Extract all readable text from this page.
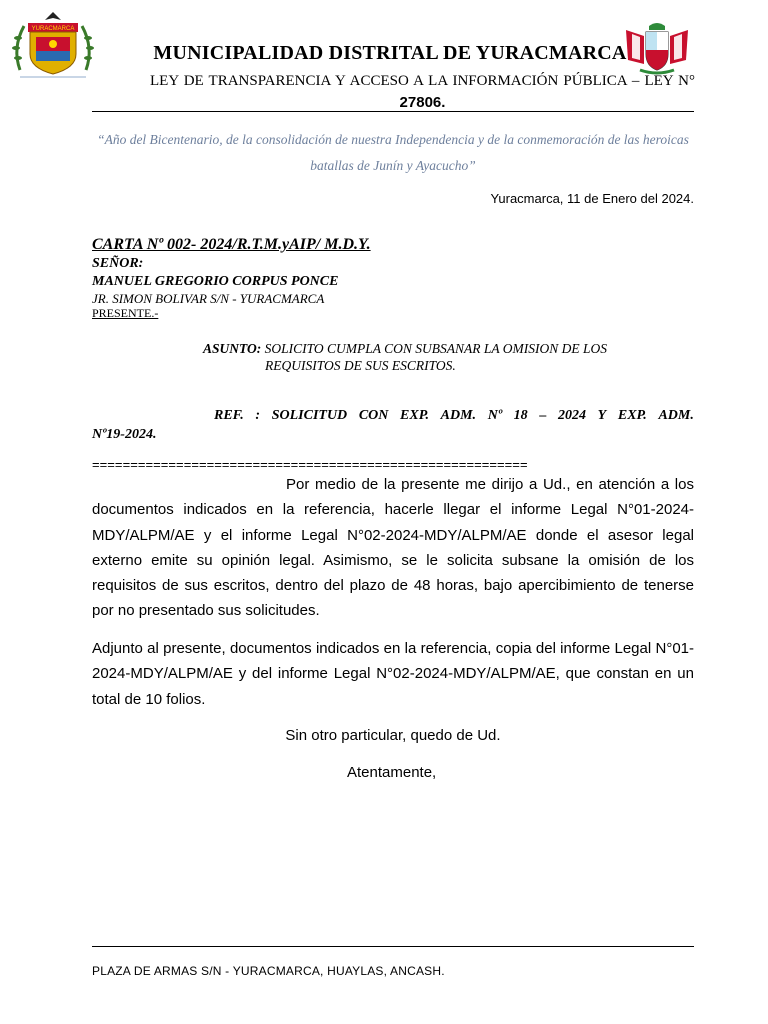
YURACMARCA
MUNICIPALIDAD DISTRITAL DE YURACMARCA
LEY DE TRANSPARENCIA Y ACCESO A LA INFORMACIÓN PÚBLICA – LEY N° 27806.
“Año del Bicentenario, de la consolidación de nuestra Independencia y de la conmemoración de las heroicas batallas de Junín y Ayacucho”
Yuracmarca, 11 de Enero del 2024.
CARTA Nº 002- 2024/R.T.M.yAIP/ M.D.Y.
SEÑOR:
MANUEL GREGORIO CORPUS PONCE
JR. SIMON BOLIVAR S/N - YURACMARCA
PRESENTE.-
ASUNTO: SOLICITO CUMPLA CON SUBSANAR LA OMISION DE LOS
REQUISITOS DE SUS ESCRITOS.
REF. : SOLICITUD CON EXP. ADM. Nº 18 – 2024 Y EXP. ADM.
Nº19-2024.
=========================================================
Por medio de la presente me dirijo a Ud., en atención a los documentos indicados en la referencia, hacerle llegar el informe Legal N°01-2024-MDY/ALPM/AE y el informe Legal N°02-2024-MDY/ALPM/AE donde el asesor legal externo emite su opinión legal. Asimismo, se le solicita subsane la omisión de los requisitos de sus escritos, dentro del plazo de 48 horas, bajo apercibimiento de tenerse por no presentado sus solicitudes.
Adjunto al presente, documentos indicados en la referencia, copia del informe Legal N°01-2024-MDY/ALPM/AE y del informe Legal N°02-2024-MDY/ALPM/AE, que constan en un total de 10 folios.
Sin otro particular, quedo de Ud.
Atentamente,
PLAZA DE ARMAS S/N - YURACMARCA, HUAYLAS, ANCASH.
